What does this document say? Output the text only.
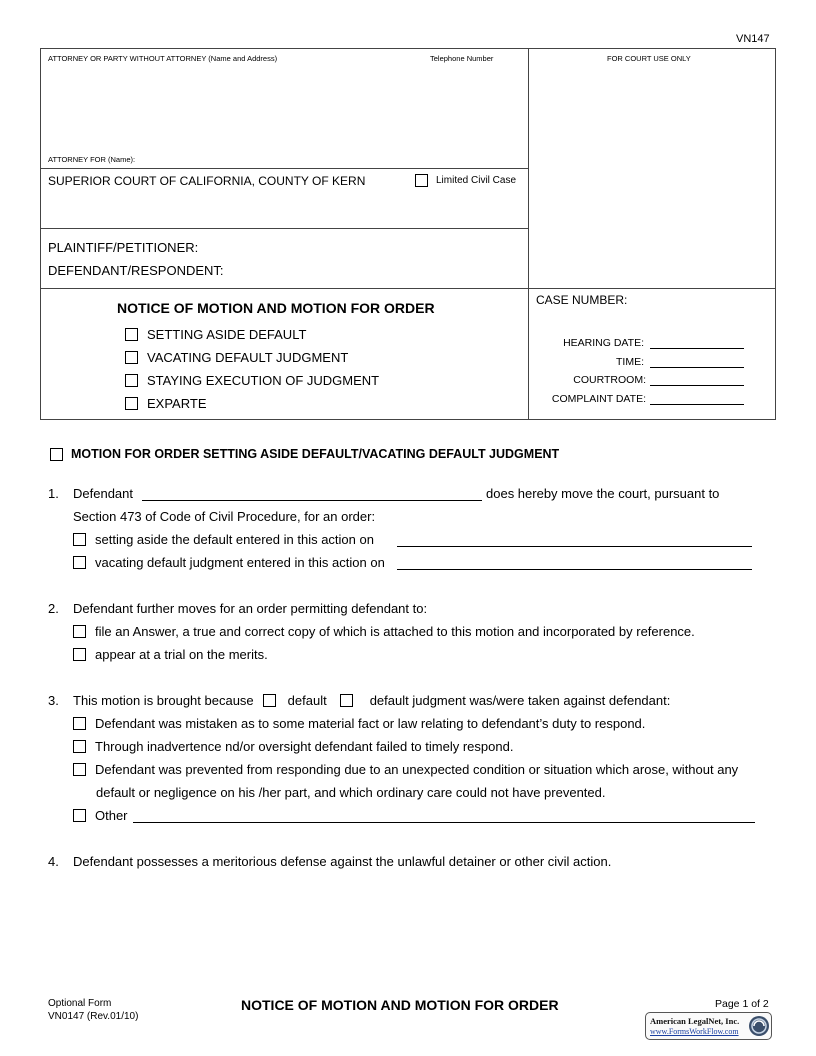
VN147
ATTORNEY OR PARTY WITHOUT ATTORNEY (Name and Address)	Telephone Number	FOR COURT USE ONLY
ATTORNEY FOR (Name):
SUPERIOR COURT OF CALIFORNIA, COUNTY OF KERN	Limited Civil Case
PLAINTIFF/PETITIONER:
DEFENDANT/RESPONDENT:
NOTICE OF MOTION AND MOTION FOR ORDER
SETTING ASIDE DEFAULT
VACATING DEFAULT JUDGMENT
STAYING EXECUTION OF JUDGMENT
EXPARTE
CASE NUMBER:
HEARING DATE:
TIME:
COURTROOM:
COMPLAINT DATE:
MOTION FOR ORDER SETTING ASIDE DEFAULT/VACATING DEFAULT JUDGMENT
1. Defendant	does hereby move the court, pursuant to
Section 473 of Code of Civil Procedure, for an order:
setting aside the default entered in this action on
vacating default judgment entered in this action on
2. Defendant further moves for an order permitting defendant to:
file an Answer, a true and correct copy of which is attached to this motion and incorporated by reference.
appear at a trial on the merits.
3. This motion is brought because	default	default judgment was/were taken against defendant:
Defendant was mistaken as to some material fact or law relating to defendant’s duty to respond.
Through inadvertence nd/or oversight defendant failed to timely respond.
Defendant was prevented from responding due to an unexpected condition or situation which arose, without any
default or negligence on his /her part, and which ordinary care could not have prevented.
Other
4. Defendant possesses a meritorious defense against the unlawful detainer or other civil action.
Optional Form
VN0147 (Rev.01/10)
NOTICE OF MOTION AND MOTION FOR ORDER	Page 1 of 2
American LegalNet, Inc.
www.FormsWorkFlow.com
